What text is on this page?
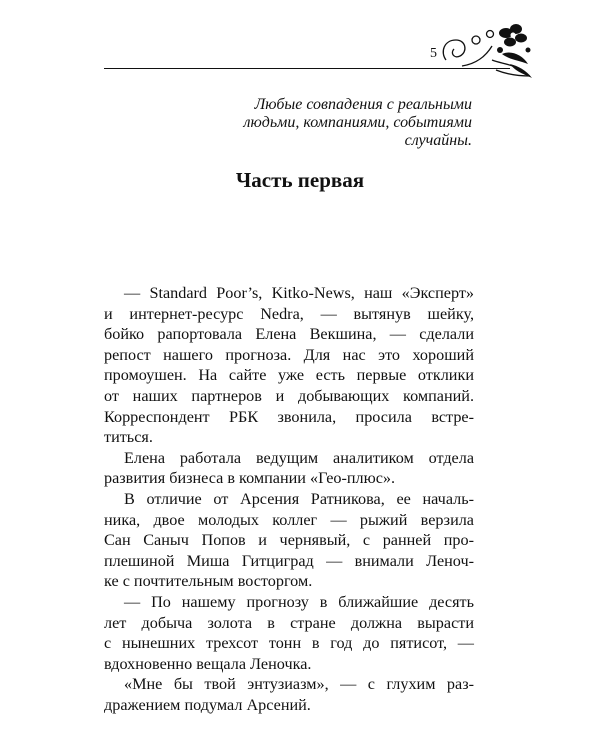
5
Любые совпадения с реальными
людьми, компаниями, событиями
случайны.
Часть первая
— Standard Poor’s, Kitko-News, наш «Эксперт»
и интернет-ресурс Nedra, — вытянув шейку,
бойко рапортовала Елена Векшина, — сделали
репост нашего прогноза. Для нас это хороший
промоушен. На сайте уже есть первые отклики
от наших партнеров и добывающих компаний.
Корреспондент РБК звонила, просила встре-
титься.
Елена работала ведущим аналитиком отдела
развития бизнеса в компании «Гео-плюс».
В отличие от Арсения Ратникова, ее началь-
ника, двое молодых коллег — рыжий верзила
Сан Саныч Попов и чернявый, с ранней про-
плешиной Миша Гитциград — внимали Леноч-
ке с почтительным восторгом.
— По нашему прогнозу в ближайшие десять
лет добыча золота в стране должна вырасти
с нынешних трехсот тонн в год до пятисот, —
вдохновенно вещала Леночка.
«Мне бы твой энтузиазм», — с глухим раз-
дражением подумал Арсений.
